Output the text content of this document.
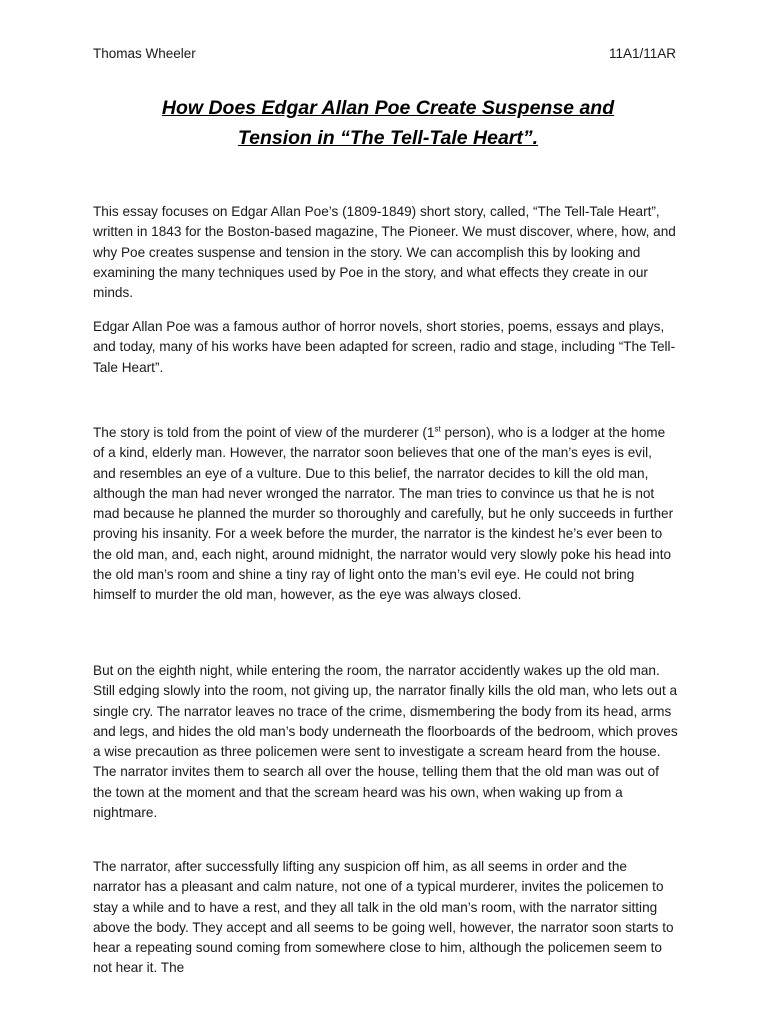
Thomas Wheeler	11A1/11AR
How Does Edgar Allan Poe Create Suspense and
Tension in “The Tell-Tale Heart”.

This essay focuses on Edgar Allan Poe’s (1809-1849) short story, called, “The Tell-Tale Heart”, written in 1843 for the Boston-based magazine, The Pioneer. We must discover, where, how, and why Poe creates suspense and tension in the story. We can accomplish this by looking and examining the many techniques used by Poe in the story, and what effects they create in our minds.

Edgar Allan Poe was a famous author of horror novels, short stories, poems, essays and plays, and today, many of his works have been adapted for screen, radio and stage, including “The Tell-Tale Heart”.

The story is told from the point of view of the murderer (1st person), who is a lodger at the home of a kind, elderly man. However, the narrator soon believes that one of the man’s eyes is evil, and resembles an eye of a vulture. Due to this belief, the narrator decides to kill the old man, although the man had never wronged the narrator. The man tries to convince us that he is not mad because he planned the murder so thoroughly and carefully, but he only succeeds in further proving his insanity. For a week before the murder, the narrator is the kindest he’s ever been to the old man, and, each night, around midnight, the narrator would very slowly poke his head into the old man’s room and shine a tiny ray of light onto the man’s evil eye. He could not bring himself to murder the old man, however, as the eye was always closed.

But on the eighth night, while entering the room, the narrator accidently wakes up the old man. Still edging slowly into the room, not giving up, the narrator finally kills the old man, who lets out a single cry. The narrator leaves no trace of the crime, dismembering the body from its head, arms and legs, and hides the old man’s body underneath the floorboards of the bedroom, which proves a wise precaution as three policemen were sent to investigate a scream heard from the house. The narrator invites them to search all over the house, telling them that the old man was out of the town at the moment and that the scream heard was his own, when waking up from a nightmare.

The narrator, after successfully lifting any suspicion off him, as all seems in order and the narrator has a pleasant and calm nature, not one of a typical murderer, invites the policemen to stay a while and to have a rest, and they all talk in the old man’s room, with the narrator sitting above the body. They accept and all seems to be going well, however, the narrator soon starts to hear a repeating sound coming from somewhere close to him, although the policemen seem to not hear it. The
